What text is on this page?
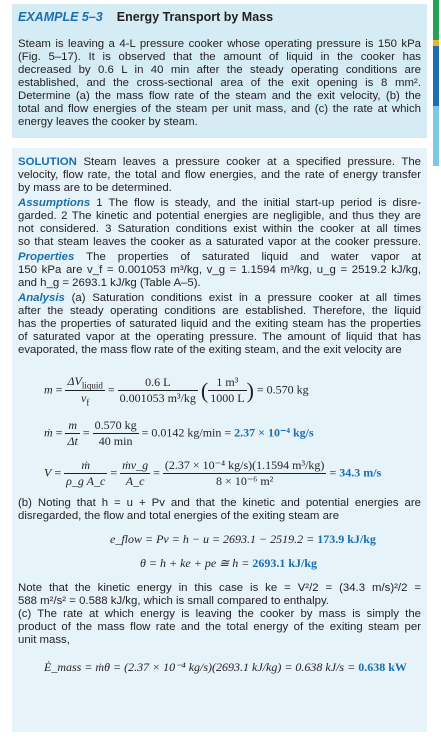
EXAMPLE 5–3 Energy Transport by Mass
Steam is leaving a 4-L pressure cooker whose operating pressure is 150 kPa
(Fig. 5–17). It is observed that the amount of liquid in the cooker has
decreased by 0.6 L in 40 min after the steady operating conditions are
established, and the cross-sectional area of the exit opening is 8 mm².
Determine (a) the mass flow rate of the steam and the exit velocity, (b) the
total and flow energies of the steam per unit mass, and (c) the rate at which
energy leaves the cooker by steam.
SOLUTION Steam leaves a pressure cooker at a specified pressure. The
velocity, flow rate, the total and flow energies, and the rate of energy transfer
by mass are to be determined.
Assumptions 1 The flow is steady, and the initial start-up period is disre-
garded. 2 The kinetic and potential energies are negligible, and thus they are
not considered. 3 Saturation conditions exist within the cooker at all times
so that steam leaves the cooker as a saturated vapor at the cooker pressure.
Properties The properties of saturated liquid and water vapor at
150 kPa are v_f = 0.001053 m³/kg, v_g = 1.1594 m³/kg, u_g = 2519.2 kJ/kg,
and h_g = 2693.1 kJ/kg (Table A–5).
Analysis (a) Saturation conditions exist in a pressure cooker at all times
after the steady operating conditions are established. Therefore, the liquid
has the properties of saturated liquid and the exiting steam has the properties
of saturated vapor at the operating pressure. The amount of liquid that has
evaporated, the mass flow rate of the exiting steam, and the exit velocity are
$m = \frac{\Delta V_{liquid}}{v_f} = \frac{0.6 L}{\text{0.001053 m³/kg}}$ ( $\frac{\text{1 m³}}{1000 L}$ ) = 0.570 kg
ṁ = $\frac{m}{\Delta t} = \frac{0.570 kg}{40 \min} = 0.0142$ kg/min = 2.37 × 10⁻⁴ kg/s
$V = \frac{\text{ṁ}}{\text{ρ\_g A\_c}} = \frac{\text{ṁv\_g}}{A\_c} = \frac{\text{(2.37 × 10⁻⁴ kg/s)(1.1594 m³/kg)}}{\text{8 × 10⁻⁶ m²}} = 34.3$ m/s
(b) Noting that h = u + Pv and that the kinetic and potential energies are
disregarded, the flow and total energies of the exiting steam are
e_flow = Pv = h − u = 2693.1 − 2519.2 = 173.9 kJ/kg
θ = h + ke + pe ≅ h = 2693.1 kJ/kg
Note that the kinetic energy in this case is ke = V²/2 = (34.3 m/s)²/2 =
588 m²/s² = 0.588 kJ/kg, which is small compared to enthalpy.
(c) The rate at which energy is leaving the cooker by mass is simply the
product of the mass flow rate and the total energy of the exiting steam per
unit mass,
Ė_mass = ṁθ = (2.37 × 10⁻⁴ kg/s)(2693.1 kJ/kg) = 0.638 kJ/s = 0.638 kW
